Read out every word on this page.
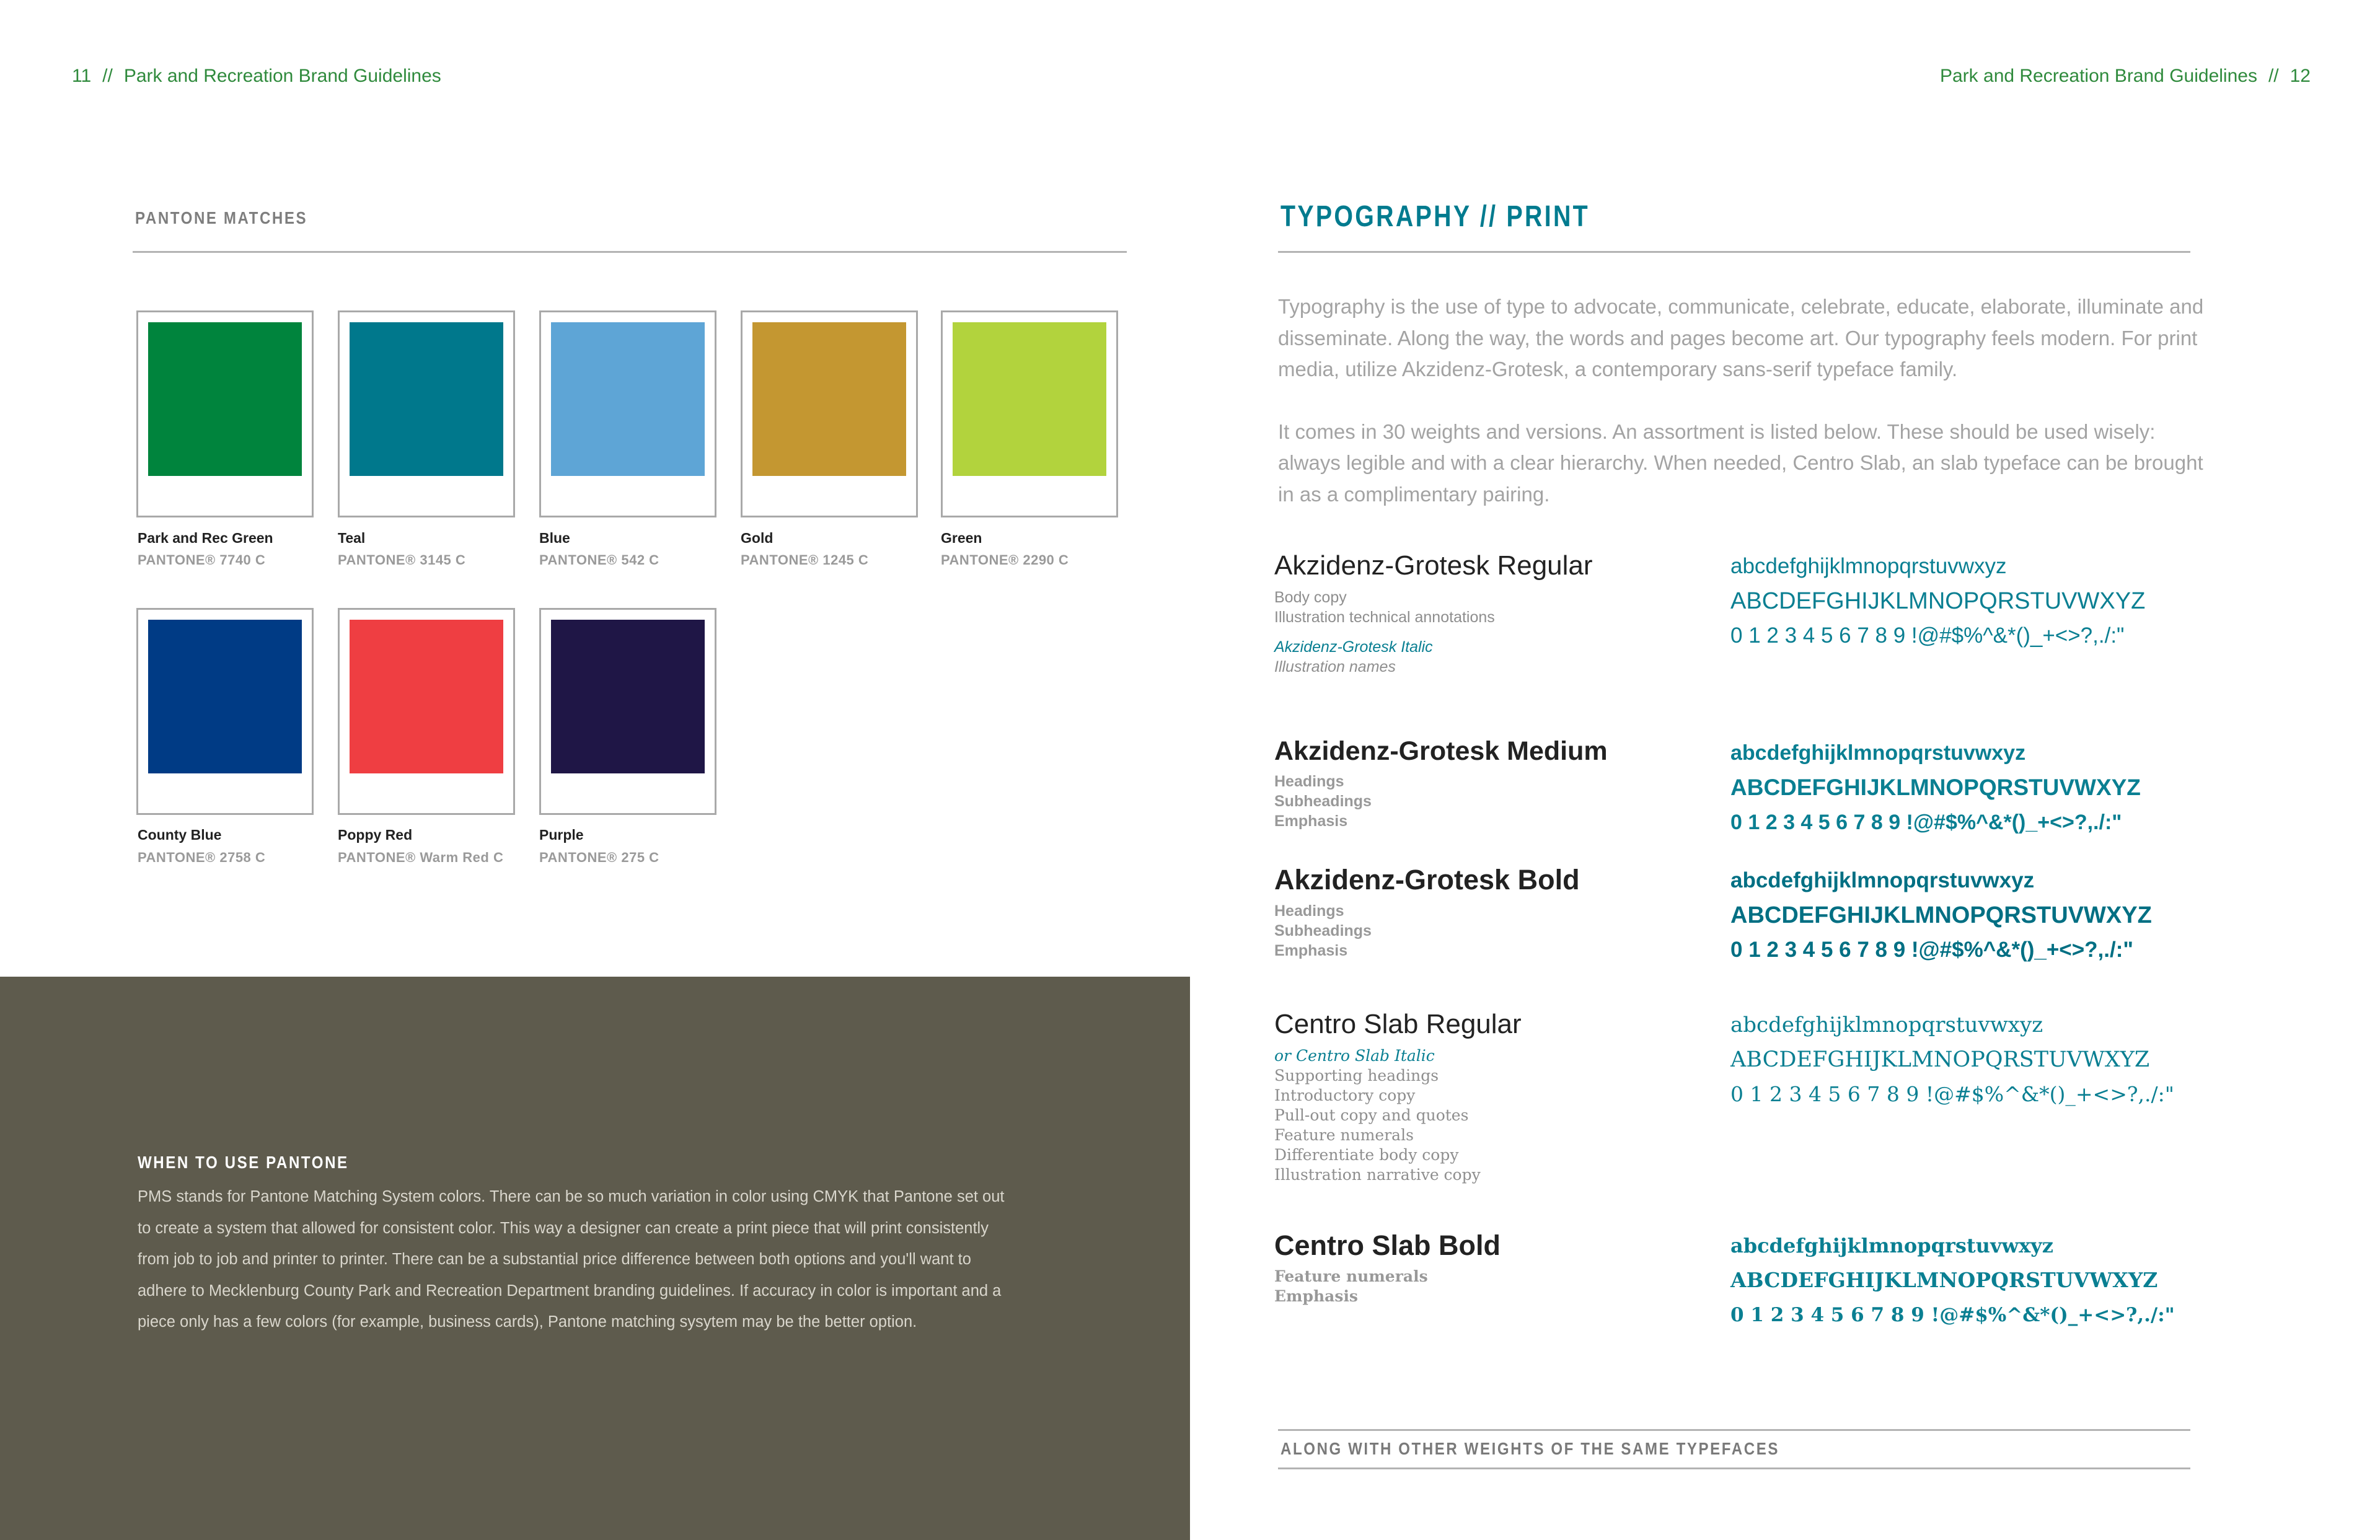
11 // Park and Recreation Brand Guidelines	Park and Recreation Brand Guidelines // 12
PANTONE MATCHES
Park and Rec Green
PANTONE® 7740 C
Teal
PANTONE® 3145 C
Blue
PANTONE® 542 C
Gold
PANTONE® 1245 C
Green
PANTONE® 2290 C
County Blue
PANTONE® 2758 C
Poppy Red
PANTONE® Warm Red C
Purple
PANTONE® 275 C
WHEN TO USE PANTONE
PMS stands for Pantone Matching System colors. There can be so much variation in color using CMYK that Pantone set out to create a system that allowed for consistent color. This way a designer can create a print piece that will print consistently from job to job and printer to printer. There can be a substantial price difference between both options and you'll want to adhere to Mecklenburg County Park and Recreation Department branding guidelines. If accuracy in color is important and a piece only has a few colors (for example, business cards), Pantone matching sysytem may be the better option.
TYPOGRAPHY // PRINT

Typography is the use of type to advocate, communicate, celebrate, educate, elaborate, illuminate and disseminate. Along the way, the words and pages become art. Our typography feels modern. For print media, utilize Akzidenz-Grotesk, a contemporary sans-serif typeface family.

It comes in 30 weights and versions. An assortment is listed below. These should be used wisely: always legible and with a clear hierarchy. When needed, Centro Slab, an slab typeface can be brought in as a complimentary pairing.

Akzidenz-Grotesk Regular
Body copy
Illustration technical annotations
Akzidenz-Grotesk Italic
Illustration names
abcdefghijklmnopqrstuvwxyz
ABCDEFGHIJKLMNOPQRSTUVWXYZ
0 1 2 3 4 5 6 7 8 9 !@#$%^&*()_+<>?,./:"
Akzidenz-Grotesk Medium
Headings
Subheadings
Emphasis
abcdefghijklmnopqrstuvwxyz
ABCDEFGHIJKLMNOPQRSTUVWXYZ
0 1 2 3 4 5 6 7 8 9 !@#$%^&*()_+<>?,./:"
Akzidenz-Grotesk Bold
Headings
Subheadings
Emphasis
abcdefghijklmnopqrstuvwxyz
ABCDEFGHIJKLMNOPQRSTUVWXYZ
0 1 2 3 4 5 6 7 8 9 !@#$%^&*()_+<>?,./:"
Centro Slab Regular
or Centro Slab Italic
Supporting headings
Introductory copy
Pull-out copy and quotes
Feature numerals
Differentiate body copy
Illustration narrative copy
abcdefghijklmnopqrstuvwxyz
ABCDEFGHIJKLMNOPQRSTUVWXYZ
0 1 2 3 4 5 6 7 8 9 !@#$%^&*()_+<>?,./:"
Centro Slab Bold
Feature numerals
Emphasis
abcdefghijklmnopqrstuvwxyz
ABCDEFGHIJKLMNOPQRSTUVWXYZ
0 1 2 3 4 5 6 7 8 9 !@#$%^&*()_+<>?,./:"
ALONG WITH OTHER WEIGHTS OF THE SAME TYPEFACES
